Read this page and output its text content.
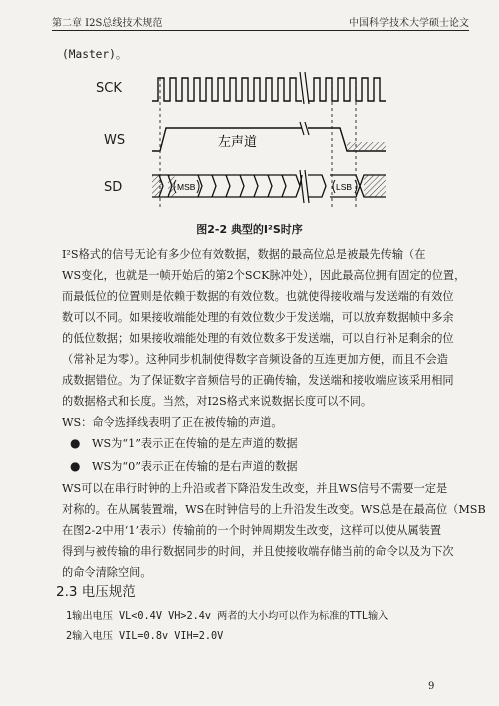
第二章 I2S总线技术规范	中国科学技术大学硕士论文
(Master)。
MSB	LSB
左声道
SCK
WS
SD
图2-2 典型的I²S时序
I²S格式的信号无论有多少位有效数据，数据的最高位总是被最先传输（在
WS变化，也就是一帧开始后的第2个SCK脉冲处），因此最高位拥有固定的位置，
而最低位的位置则是依赖于数据的有效位数。也就使得接收端与发送端的有效位
数可以不同。如果接收端能处理的有效位数少于发送端，可以放弃数据帧中多余
的低位数据；如果接收端能处理的有效位数多于发送端，可以自行补足剩余的位
（常补足为零）。这种同步机制使得数字音频设备的互连更加方便，而且不会造
成数据错位。为了保证数字音频信号的正确传输，发送端和接收端应该采用相同
的数据格式和长度。当然，对I2S格式来说数据长度可以不同。
WS：命令选择线表明了正在被传输的声道。
● WS为“1”表示正在传输的是左声道的数据
● WS为“0”表示正在传输的是右声道的数据
WS可以在串行时钟的上升沿或者下降沿发生改变，并且WS信号不需要一定是
对称的。在从属装置端，WS在时钟信号的上升沿发生改变。WS总是在最高位（MSB
在图2-2中用‘1’表示）传输前的一个时钟周期发生改变，这样可以使从属装置
得到与被传输的串行数据同步的时间，并且使接收端存储当前的命令以及为下次
的命令清除空间。
2.3 电压规范
1输出电压 VL<0.4V VH>2.4v 两者的大小均可以作为标准的TTL输入
2输入电压 VIL=0.8v VIH=2.0V
9
